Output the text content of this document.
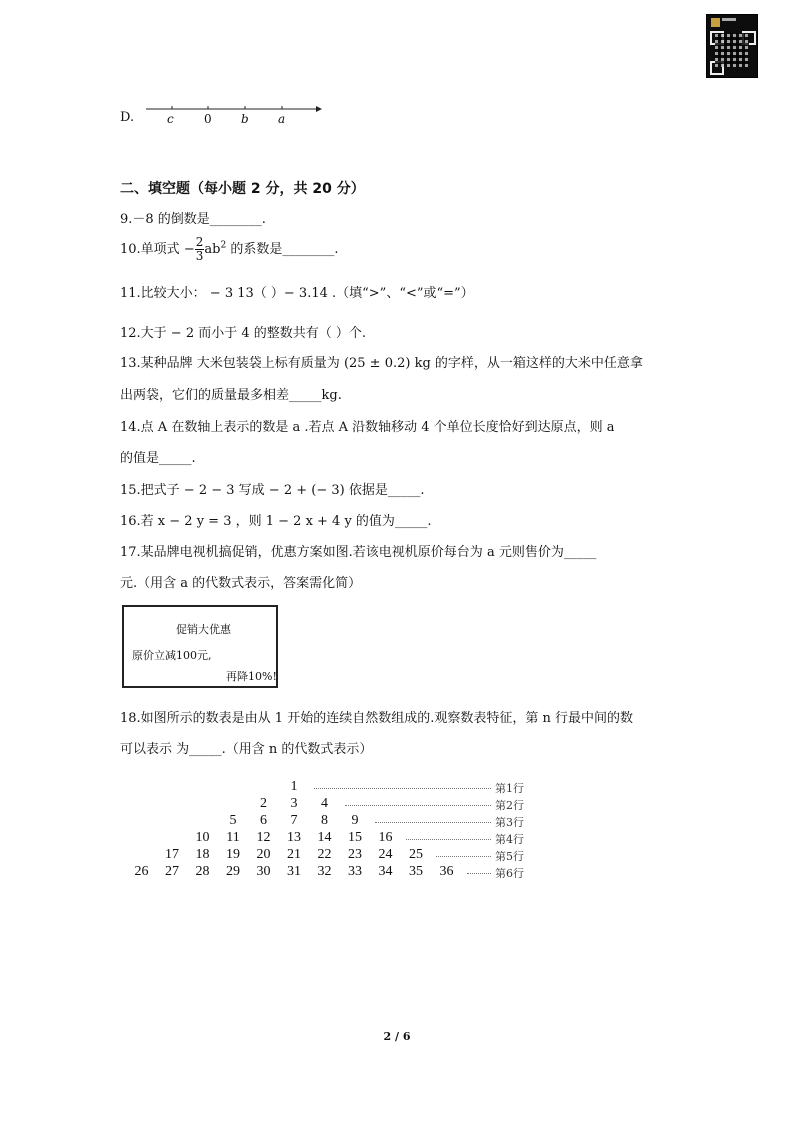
D.	c	0 b a
二、填空题（每小题 2 分，共 20 分）
9.－8 的倒数是________.
10.单项式 − $\frac{2}{3} ab^2$ 的系数是________.
11.比较大小： − 3 13（ ）− 3.14 .（填“>”、“<”或“=”）
12.大于 − 2 而小于 4 的整数共有（ ）个.
13.某种品牌 大米包装袋上标有质量为 (25 ± 0.2) kg 的字样，从一箱这样的大米中任意拿
出两袋，它们的质量最多相差_____kg.
14.点 A 在数轴上表示的数是 a .若点 A 沿数轴移动 4 个单位长度恰好到达原点，则 a
的值是_____.
15.把式子 − 2 − 3 写成 − 2 + (− 3) 依据是_____.
16.若 x − 2 y = 3 ，则 1 − 2 x + 4 y 的值为_____.
17.某品牌电视机搞促销，优惠方案如图.若该电视机原价每台为 a 元则售价为_____
元.（用含 a 的代数式表示，答案需化简）
促销大优惠
原价立减100元,
再降10%!
18.如图所示的数表是由从 1 开始的连续自然数组成的.观察数表特征，第 n 行最中间的数
可以表示 为_____.（用含 n 的代数式表示）
1	第1行
2	3	4	第2行
5	6	7	8	9	第3行
10	11	12	13	14	15	16	第4行
17	18	19	20	21	22	23	24	25	第5行
26	27	28	29	30	31	32	33	34	35	36	第6行
2 / 6
